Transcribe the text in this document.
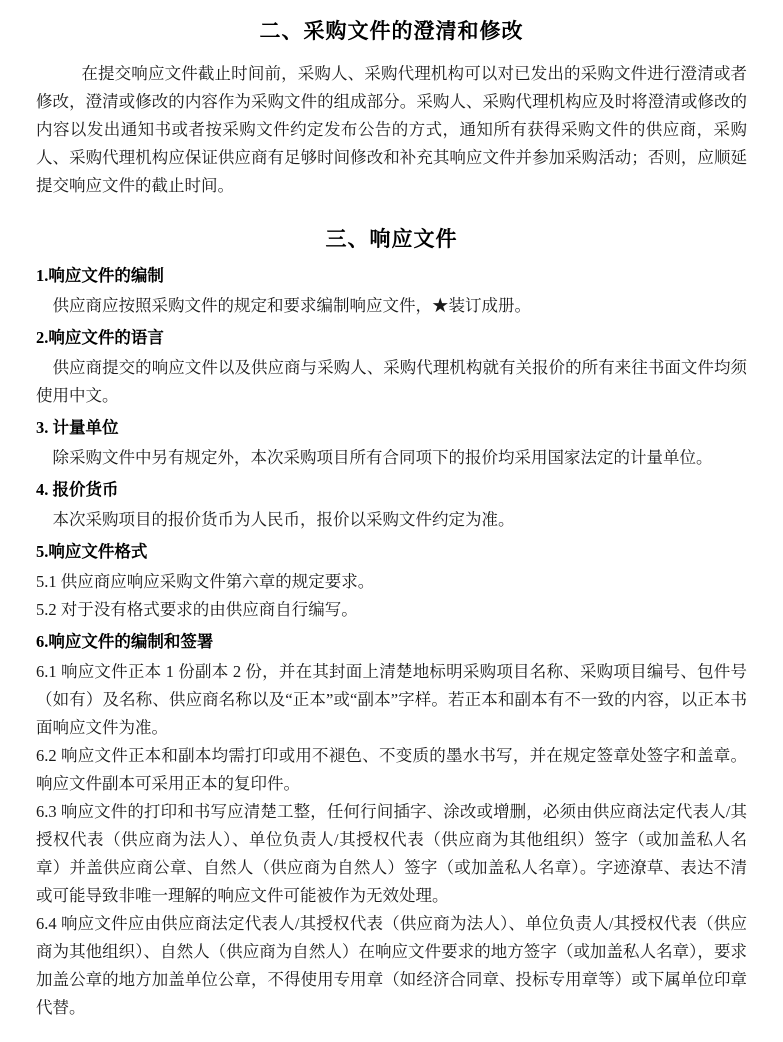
二、采购文件的澄清和修改

在提交响应文件截止时间前，采购人、采购代理机构可以对已发出的采购文件进行澄清或者修改，澄清或修改的内容作为采购文件的组成部分。采购人、采购代理机构应及时将澄清或修改的内容以发出通知书或者按采购文件约定发布公告的方式，通知所有获得采购文件的供应商，采购人、采购代理机构应保证供应商有足够时间修改和补充其响应文件并参加采购活动；否则，应顺延提交响应文件的截止时间。

三、响应文件
1.响应文件的编制

供应商应按照采购文件的规定和要求编制响应文件，★装订成册。

2.响应文件的语言

供应商提交的响应文件以及供应商与采购人、采购代理机构就有关报价的所有来往书面文件均须使用中文。

3. 计量单位

除采购文件中另有规定外，本次采购项目所有合同项下的报价均采用国家法定的计量单位。

4. 报价货币

本次采购项目的报价货币为人民币，报价以采购文件约定为准。

5.响应文件格式

5.1 供应商应响应采购文件第六章的规定要求。

5.2 对于没有格式要求的由供应商自行编写。

6.响应文件的编制和签署

6.1 响应文件正本 1 份副本 2 份，并在其封面上清楚地标明采购项目名称、采购项目编号、包件号（如有）及名称、供应商名称以及“正本”或“副本”字样。若正本和副本有不一致的内容，以正本书面响应文件为准。

6.2 响应文件正本和副本均需打印或用不褪色、不变质的墨水书写，并在规定签章处签字和盖章。响应文件副本可采用正本的复印件。

6.3 响应文件的打印和书写应清楚工整，任何行间插字、涂改或增删，必须由供应商法定代表人/其授权代表（供应商为法人）、单位负责人/其授权代表（供应商为其他组织）签字（或加盖私人名章）并盖供应商公章、自然人（供应商为自然人）签字（或加盖私人名章）。字迹潦草、表达不清或可能导致非唯一理解的响应文件可能被作为无效处理。

6.4 响应文件应由供应商法定代表人/其授权代表（供应商为法人）、单位负责人/其授权代表（供应商为其他组织）、自然人（供应商为自然人）在响应文件要求的地方签字（或加盖私人名章），要求加盖公章的地方加盖单位公章，不得使用专用章（如经济合同章、投标专用章等）或下属单位印章代替。
